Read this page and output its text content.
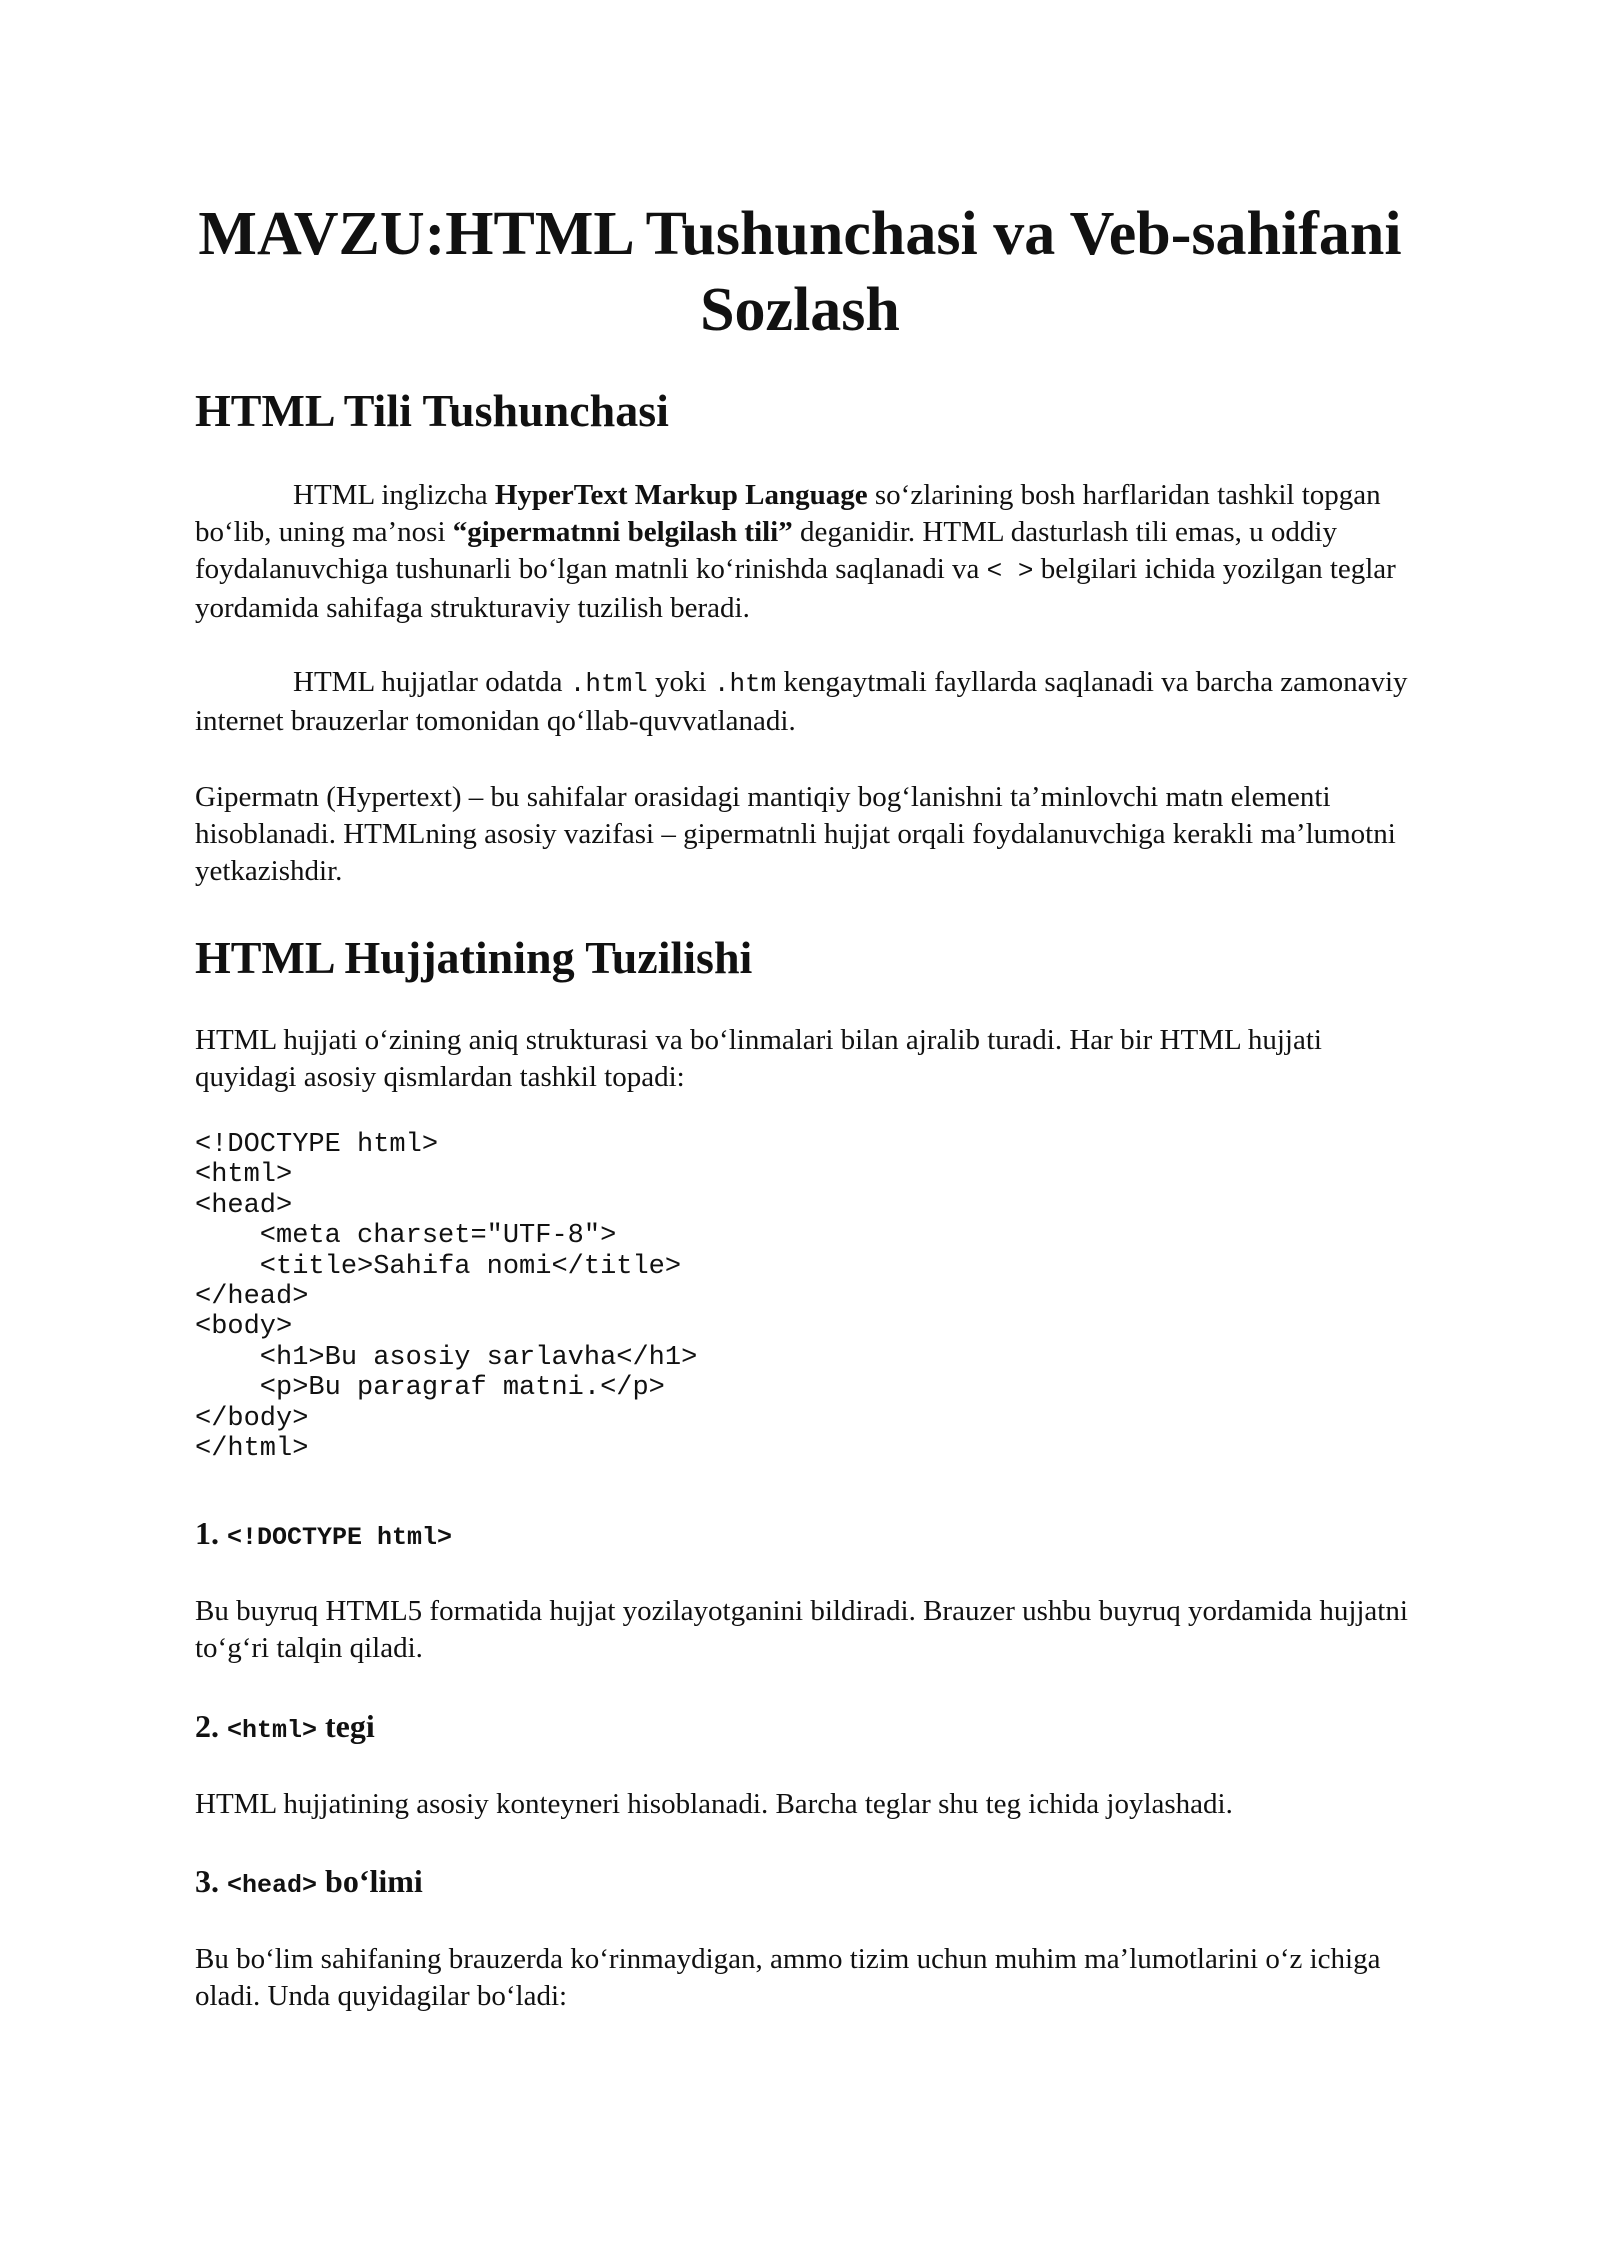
MAVZU:HTML Tushunchasi va Veb-sahifani Sozlash
HTML Tili Tushunchasi

HTML inglizcha HyperText Markup Language so‘zlarining bosh harflaridan tashkil topgan bo‘lib, uning ma’nosi “gipermatnni belgilash tili” deganidir. HTML dasturlash tili emas, u oddiy foydalanuvchiga tushunarli bo‘lgan matnli ko‘rinishda saqlanadi va < > belgilari ichida yozilgan teglar yordamida sahifaga strukturaviy tuzilish beradi.

HTML hujjatlar odatda .html yoki .htm kengaytmali fayllarda saqlanadi va barcha zamonaviy internet brauzerlar tomonidan qo‘llab-quvvatlanadi.

Gipermatn (Hypertext) – bu sahifalar orasidagi mantiqiy bog‘lanishni ta’minlovchi matn elementi hisoblanadi. HTMLning asosiy vazifasi – gipermatnli hujjat orqali foydalanuvchiga kerakli ma’lumotni yetkazishdir.

HTML Hujjatining Tuzilishi

HTML hujjati o‘zining aniq strukturasi va bo‘linmalari bilan ajralib turadi. Har bir HTML hujjati quyidagi asosiy qismlardan tashkil topadi:

<!DOCTYPE html>
<html>
<head>
<meta charset="UTF-8">
<title>Sahifa nomi</title>
</head>
<body>
<h1>Bu asosiy sarlavha</h1>
<p>Bu paragraf matni.</p>
</body>
</html>
1. <!DOCTYPE html>

Bu buyruq HTML5 formatida hujjat yozilayotganini bildiradi. Brauzer ushbu buyruq yordamida hujjatni to‘g‘ri talqin qiladi.

2. <html> tegi

HTML hujjatining asosiy konteyneri hisoblanadi. Barcha teglar shu teg ichida joylashadi.

3. <head> bo‘limi

Bu bo‘lim sahifaning brauzerda ko‘rinmaydigan, ammo tizim uchun muhim ma’lumotlarini o‘z ichiga oladi. Unda quyidagilar bo‘ladi:
